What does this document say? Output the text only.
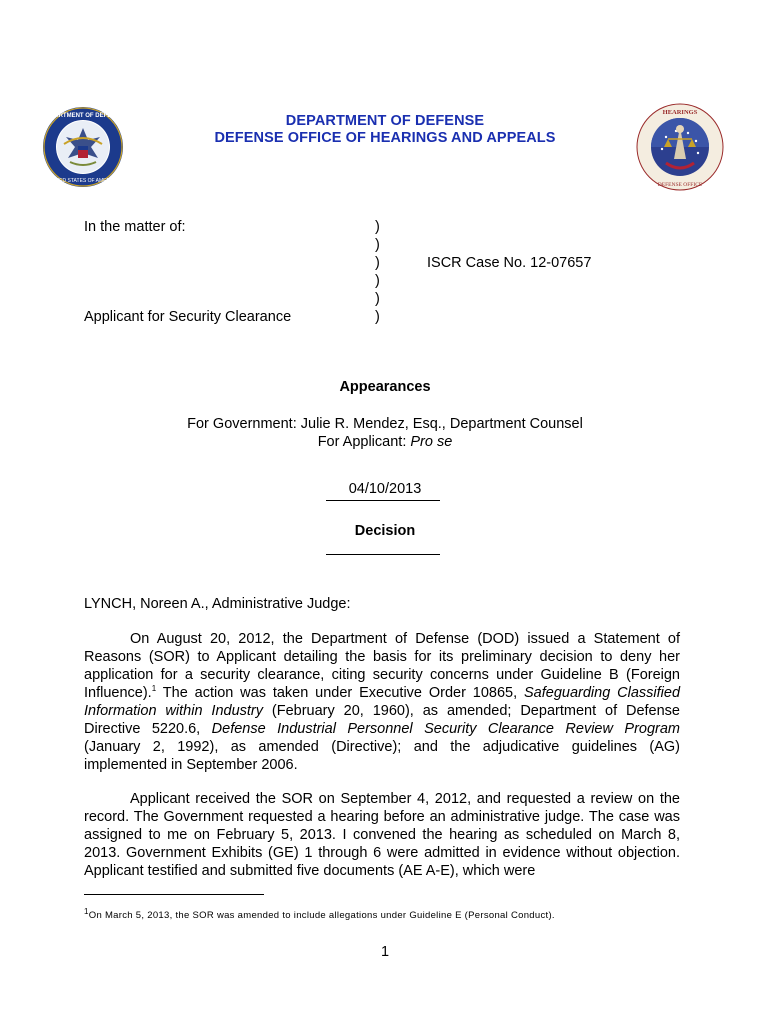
DEPARTMENT OF DEFENSE
UNITED STATES OF AMERICA
DEPARTMENT OF DEFENSE
DEFENSE OFFICE OF HEARINGS AND APPEALS
HEARINGS
DEFENSE OFFICE
In the matter of:
Applicant for Security Clearance
ISCR Case No. 12-07657
)
)
)
)
)
)
Appearances
For Government: Julie R. Mendez, Esq., Department Counsel
For Applicant: Pro se
04/10/2013
Decision
LYNCH, Noreen A., Administrative Judge:

On August 20, 2012, the Department of Defense (DOD) issued a Statement of Reasons (SOR) to Applicant detailing the basis for its preliminary decision to deny her application for a security clearance, citing security concerns under Guideline B (Foreign Influence).$^1$ The action was taken under Executive Order 10865, Safeguarding Classified Information within Industry (February 20, 1960), as amended; Department of Defense Directive 5220.6, Defense Industrial Personnel Security Clearance Review Program (January 2, 1992), as amended (Directive); and the adjudicative guidelines (AG) implemented in September 2006.

Applicant received the SOR on September 4, 2012, and requested a review on the record. The Government requested a hearing before an administrative judge. The case was assigned to me on February 5, 2013. I convened the hearing as scheduled on March 8, 2013. Government Exhibits (GE) 1 through 6 were admitted in evidence without objection. Applicant testified and submitted five documents (AE A-E), which were

$^1$On March 5, 2013, the SOR was amended to include allegations under Guideline E (Personal Conduct).
1
